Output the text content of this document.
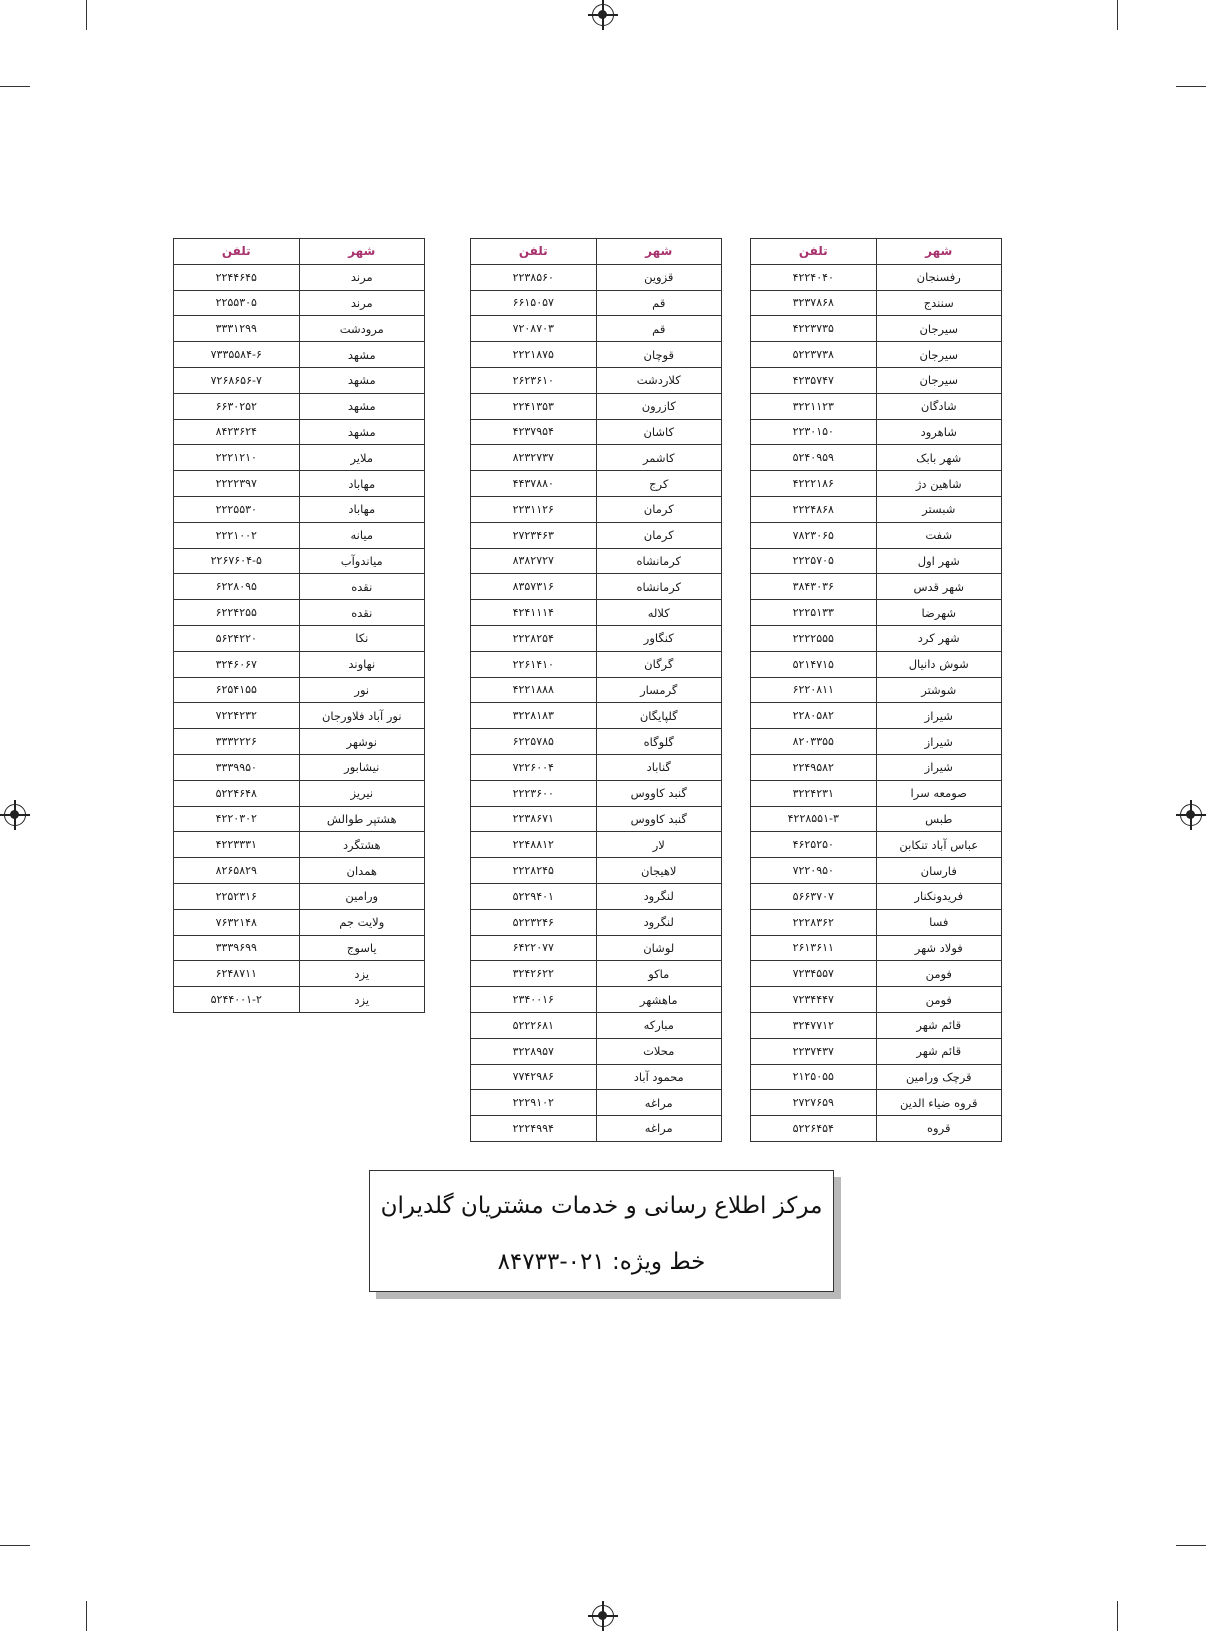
شهر	تلفن
رفسنجان	۴۲۲۴۰۴۰
سنندج	۳۲۳۷۸۶۸
سیرجان	۴۲۲۳۷۳۵
سیرجان	۵۲۲۳۷۳۸
سیرجان	۴۲۳۵۷۴۷
شادگان	۳۲۲۱۱۲۳
شاهرود	۲۲۳۰۱۵۰
شهر بابک	۵۲۴۰۹۵۹
شاهین دژ	۴۲۲۲۱۸۶
شبستر	۲۲۲۴۸۶۸
شفت	۷۸۲۳۰۶۵
شهر اول	۲۲۲۵۷۰۵
شهر قدس	۳۸۴۳۰۳۶
شهرضا	۲۲۲۵۱۳۳
شهر کرد	۲۲۲۲۵۵۵
شوش دانیال	۵۲۱۴۷۱۵
شوشتر	۶۲۲۰۸۱۱
شیراز	۲۲۸۰۵۸۲
شیراز	۸۲۰۳۳۵۵
شیراز	۲۲۴۹۵۸۲
صومعه سرا	۳۲۲۴۲۳۱
طبس	۴۲۲۸۵۵۱-۳
عباس آباد تنکابن	۴۶۲۵۲۵۰
فارسان	۷۲۲۰۹۵۰
فریدونکنار	۵۶۶۳۷۰۷
فسا	۲۲۲۸۳۶۲
فولاد شهر	۲۶۱۳۶۱۱
فومن	۷۲۳۴۵۵۷
فومن	۷۲۳۴۴۴۷
قائم شهر	۳۲۴۷۷۱۲
قائم شهر	۲۲۳۷۴۳۷
قرچک ورامین	۲۱۲۵۰۵۵
قروه ضیاء الدین	۲۷۲۷۶۵۹
قروه	۵۲۲۶۴۵۴
شهر	تلفن
قزوین	۲۲۳۸۵۶۰
قم	۶۶۱۵۰۵۷
قم	۷۲۰۸۷۰۳
قوچان	۲۲۲۱۸۷۵
کلاردشت	۲۶۲۳۶۱۰
کازرون	۲۲۴۱۳۵۳
کاشان	۴۲۳۷۹۵۴
کاشمر	۸۲۳۲۷۳۷
کرج	۴۴۳۷۸۸۰
کرمان	۲۲۳۱۱۲۶
کرمان	۲۷۲۳۴۶۳
کرمانشاه	۸۳۸۲۷۲۷
کرمانشاه	۸۳۵۷۳۱۶
کلاله	۴۲۴۱۱۱۴
کنگاور	۲۲۲۸۲۵۴
گرگان	۲۲۶۱۴۱۰
گرمسار	۴۲۲۱۸۸۸
گلپایگان	۳۲۲۸۱۸۳
گلوگاه	۶۲۲۵۷۸۵
گناباد	۷۲۲۶۰۰۴
گنبد کاووس	۲۲۲۳۶۰۰
گنبد کاووس	۲۲۳۸۶۷۱
لار	۲۲۴۸۸۱۲
لاهیجان	۲۲۲۸۲۴۵
لنگرود	۵۲۲۹۴۰۱
لنگرود	۵۲۲۳۲۴۶
لوشان	۶۴۲۲۰۷۷
ماکو	۳۲۴۲۶۲۲
ماهشهر	۲۳۴۰۰۱۶
مبارکه	۵۲۲۲۶۸۱
محلات	۳۲۲۸۹۵۷
محمود آباد	۷۷۴۲۹۸۶
مراغه	۲۲۲۹۱۰۲
مراغه	۲۲۲۴۹۹۴
شهر	تلفن
مرند	۲۲۴۴۶۴۵
مرند	۲۲۵۵۳۰۵
مرودشت	۳۳۳۱۲۹۹
مشهد	۷۳۳۵۵۸۴-۶
مشهد	۷۲۶۸۶۵۶-۷
مشهد	۶۶۳۰۲۵۲
مشهد	۸۴۲۳۶۲۴
ملایر	۲۲۲۱۲۱۰
مهاباد	۲۲۲۲۳۹۷
مهاباد	۲۲۲۵۵۳۰
میانه	۲۲۲۱۰۰۲
میاندوآب	۲۲۶۷۶۰۴-۵
نقده	۶۲۲۸۰۹۵
نقده	۶۲۲۴۲۵۵
نکا	۵۶۲۴۲۲۰
نهاوند	۳۲۴۶۰۶۷
نور	۶۲۵۴۱۵۵
نور آباد فلاورجان	۷۲۲۴۲۳۲
نوشهر	۳۳۳۲۲۲۶
نیشابور	۳۳۳۹۹۵۰
نیریز	۵۲۲۴۶۴۸
هشتپر طوالش	۴۲۲۰۳۰۲
هشتگرد	۴۲۲۳۳۳۱
همدان	۸۲۶۵۸۲۹
ورامین	۲۲۵۲۳۱۶
ولایت جم	۷۶۳۲۱۴۸
یاسوج	۳۳۳۹۶۹۹
یزد	۶۲۴۸۷۱۱
یزد	۵۲۴۴۰۰۱-۲
مرکز اطلاع رسانی و خدمات مشتریان گلدیران
خط ویژه: ۰۲۱-۸۴۷۳۳
